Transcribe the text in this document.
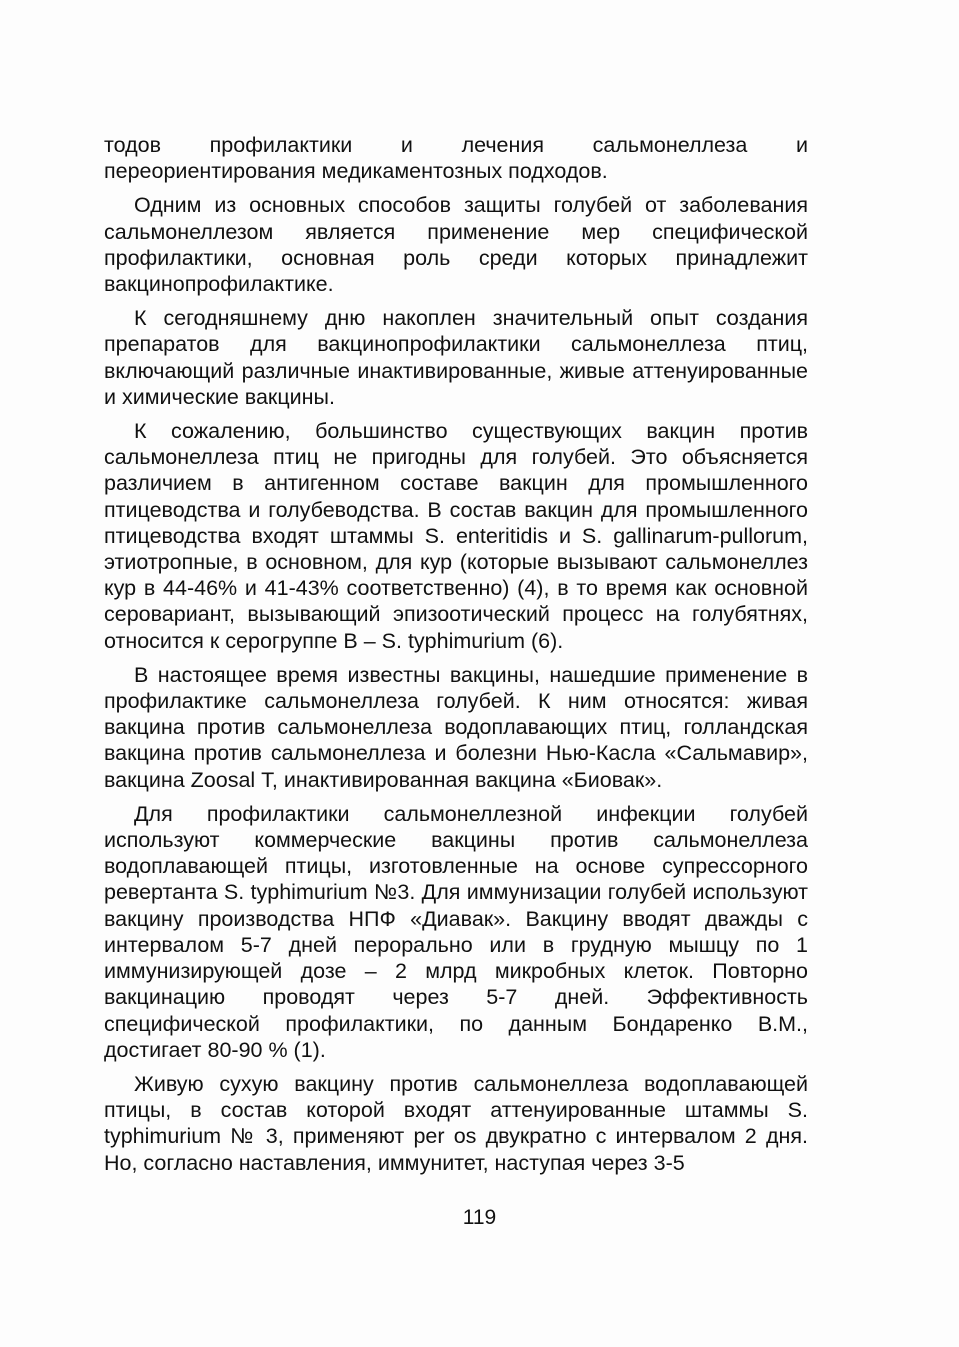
тодов профилактики и лечения сальмонеллеза и переориентирования медикаментозных подходов.

Одним из основных способов защиты голубей от заболевания сальмонеллезом является применение мер специфической профилактики, основная роль среди которых принадлежит вакцинопрофилактике.

К сегодняшнему дню накоплен значительный опыт создания препаратов для вакцинопрофилактики сальмонеллеза птиц, включающий различные инактивированные, живые аттенуированные и химические вакцины.

К сожалению, большинство существующих вакцин против сальмонеллеза птиц не пригодны для голубей. Это объясняется различием в антигенном составе вакцин для промышленного птицеводства и голубеводства. В состав вакцин для промышленного птицеводства входят штаммы S. enteritidis и S. gallinarum-pullorum, этиотропные, в основном, для кур (которые вызывают сальмонеллез кур в 44-46% и 41-43% соответственно) (4), в то время как основной серовариант, вызывающий эпизоотический процесс на голубятнях, относится к серогруппе В – S. typhimurium (6).

В настоящее время известны вакцины, нашедшие применение в профилактике сальмонеллеза голубей. К ним относятся: живая вакцина против сальмонеллеза водоплавающих птиц, голландская вакцина против сальмонеллеза и болезни Нью-Касла «Сальмавир», вакцина Zoosal Т, инактивированная вакцина «Биовак».

Для профилактики сальмонеллезной инфекции голубей используют коммерческие вакцины против сальмонеллеза водоплавающей птицы, изготовленные на основе супрессорного ревертанта S. typhimurium №3. Для иммунизации голубей используют вакцину производства НПФ «Диавак». Вакцину вводят дважды с интервалом 5-7 дней перорально или в грудную мышцу по 1 иммунизирующей дозе – 2 млрд микробных клеток. Повторно вакцинацию проводят через 5-7 дней. Эффективность специфической профилактики, по данным Бондаренко В.М., достигает 80-90 % (1).

Живую сухую вакцину против сальмонеллеза водоплавающей птицы, в состав которой входят аттенуированные штаммы S. typhimurium № 3, применяют per os двукратно с интервалом 2 дня. Но, согласно наставления, иммунитет, наступая через 3-5

119
